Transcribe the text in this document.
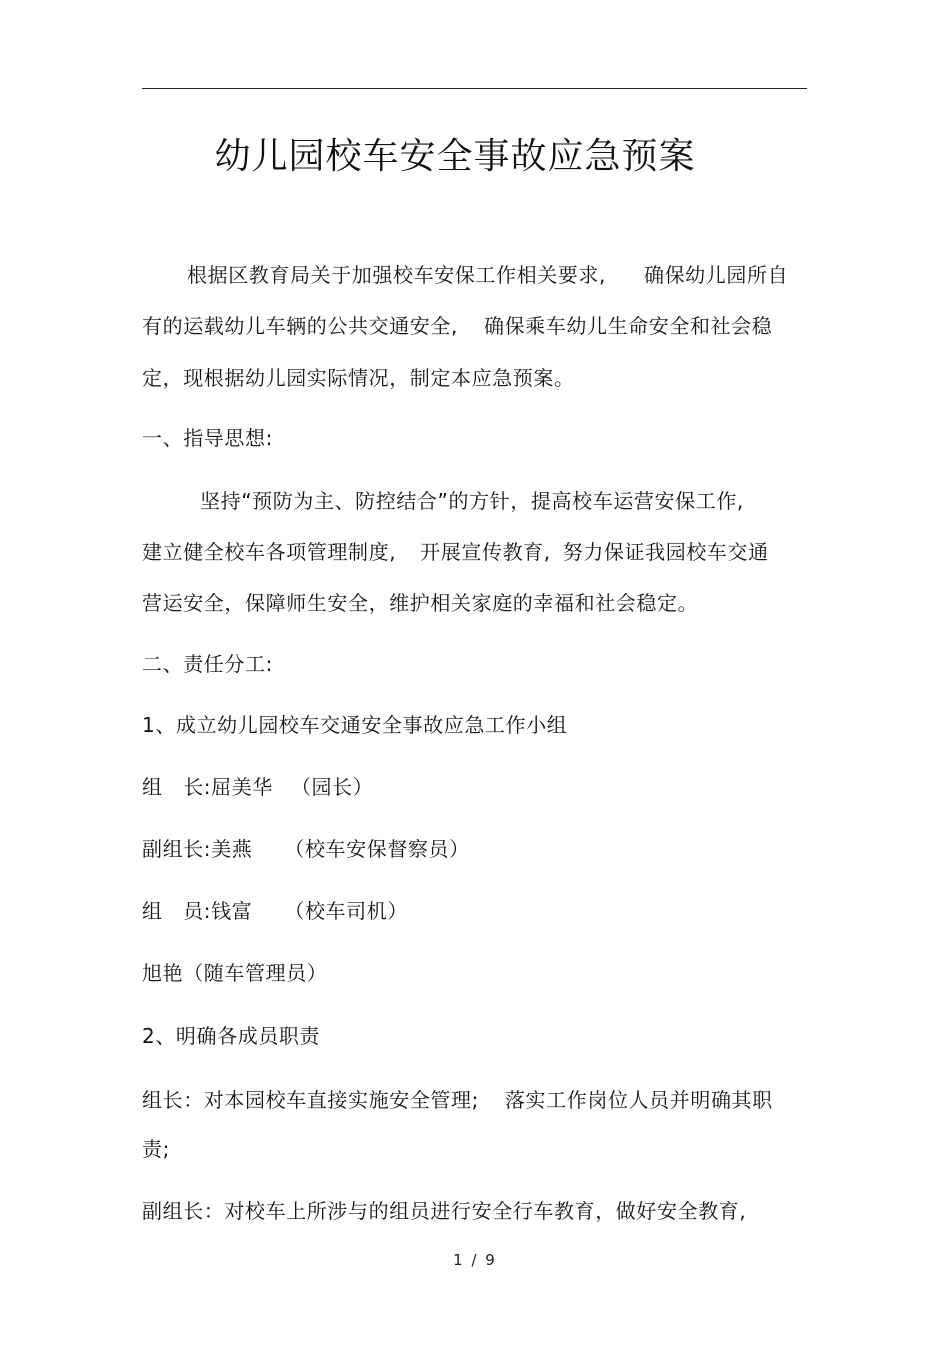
幼儿园校车安全事故应急预案
根据区教育局关于加强校车安保工作相关要求, 确保幼儿园所自
有的运载幼儿车辆的公共交通安全, 确保乘车幼儿生命安全和社会稳
定，现根据幼儿园实际情况，制定本应急预案。
一、指导思想:
坚持“预防为主、防控结合”的方针，提高校车运营安保工作,
建立健全校车各项管理制度, 开展宣传教育, 努力保证我园校车交通
营运安全，保障师生安全，维护相关家庭的幸福和社会稳定。
二、责任分工:
1、成立幼儿园校车交通安全事故应急工作小组
组　长:屈美华 （园长）
副组长:美燕 （校车安保督察员）
组　员:钱富 （校车司机）
旭艳（随车管理员）
2、明确各成员职责
组长：对本园校车直接实施安全管理; 落实工作岗位人员并明确其职
责;
副组长：对校车上所涉与的组员进行安全行车教育，做好安全教育,
1 / 9
